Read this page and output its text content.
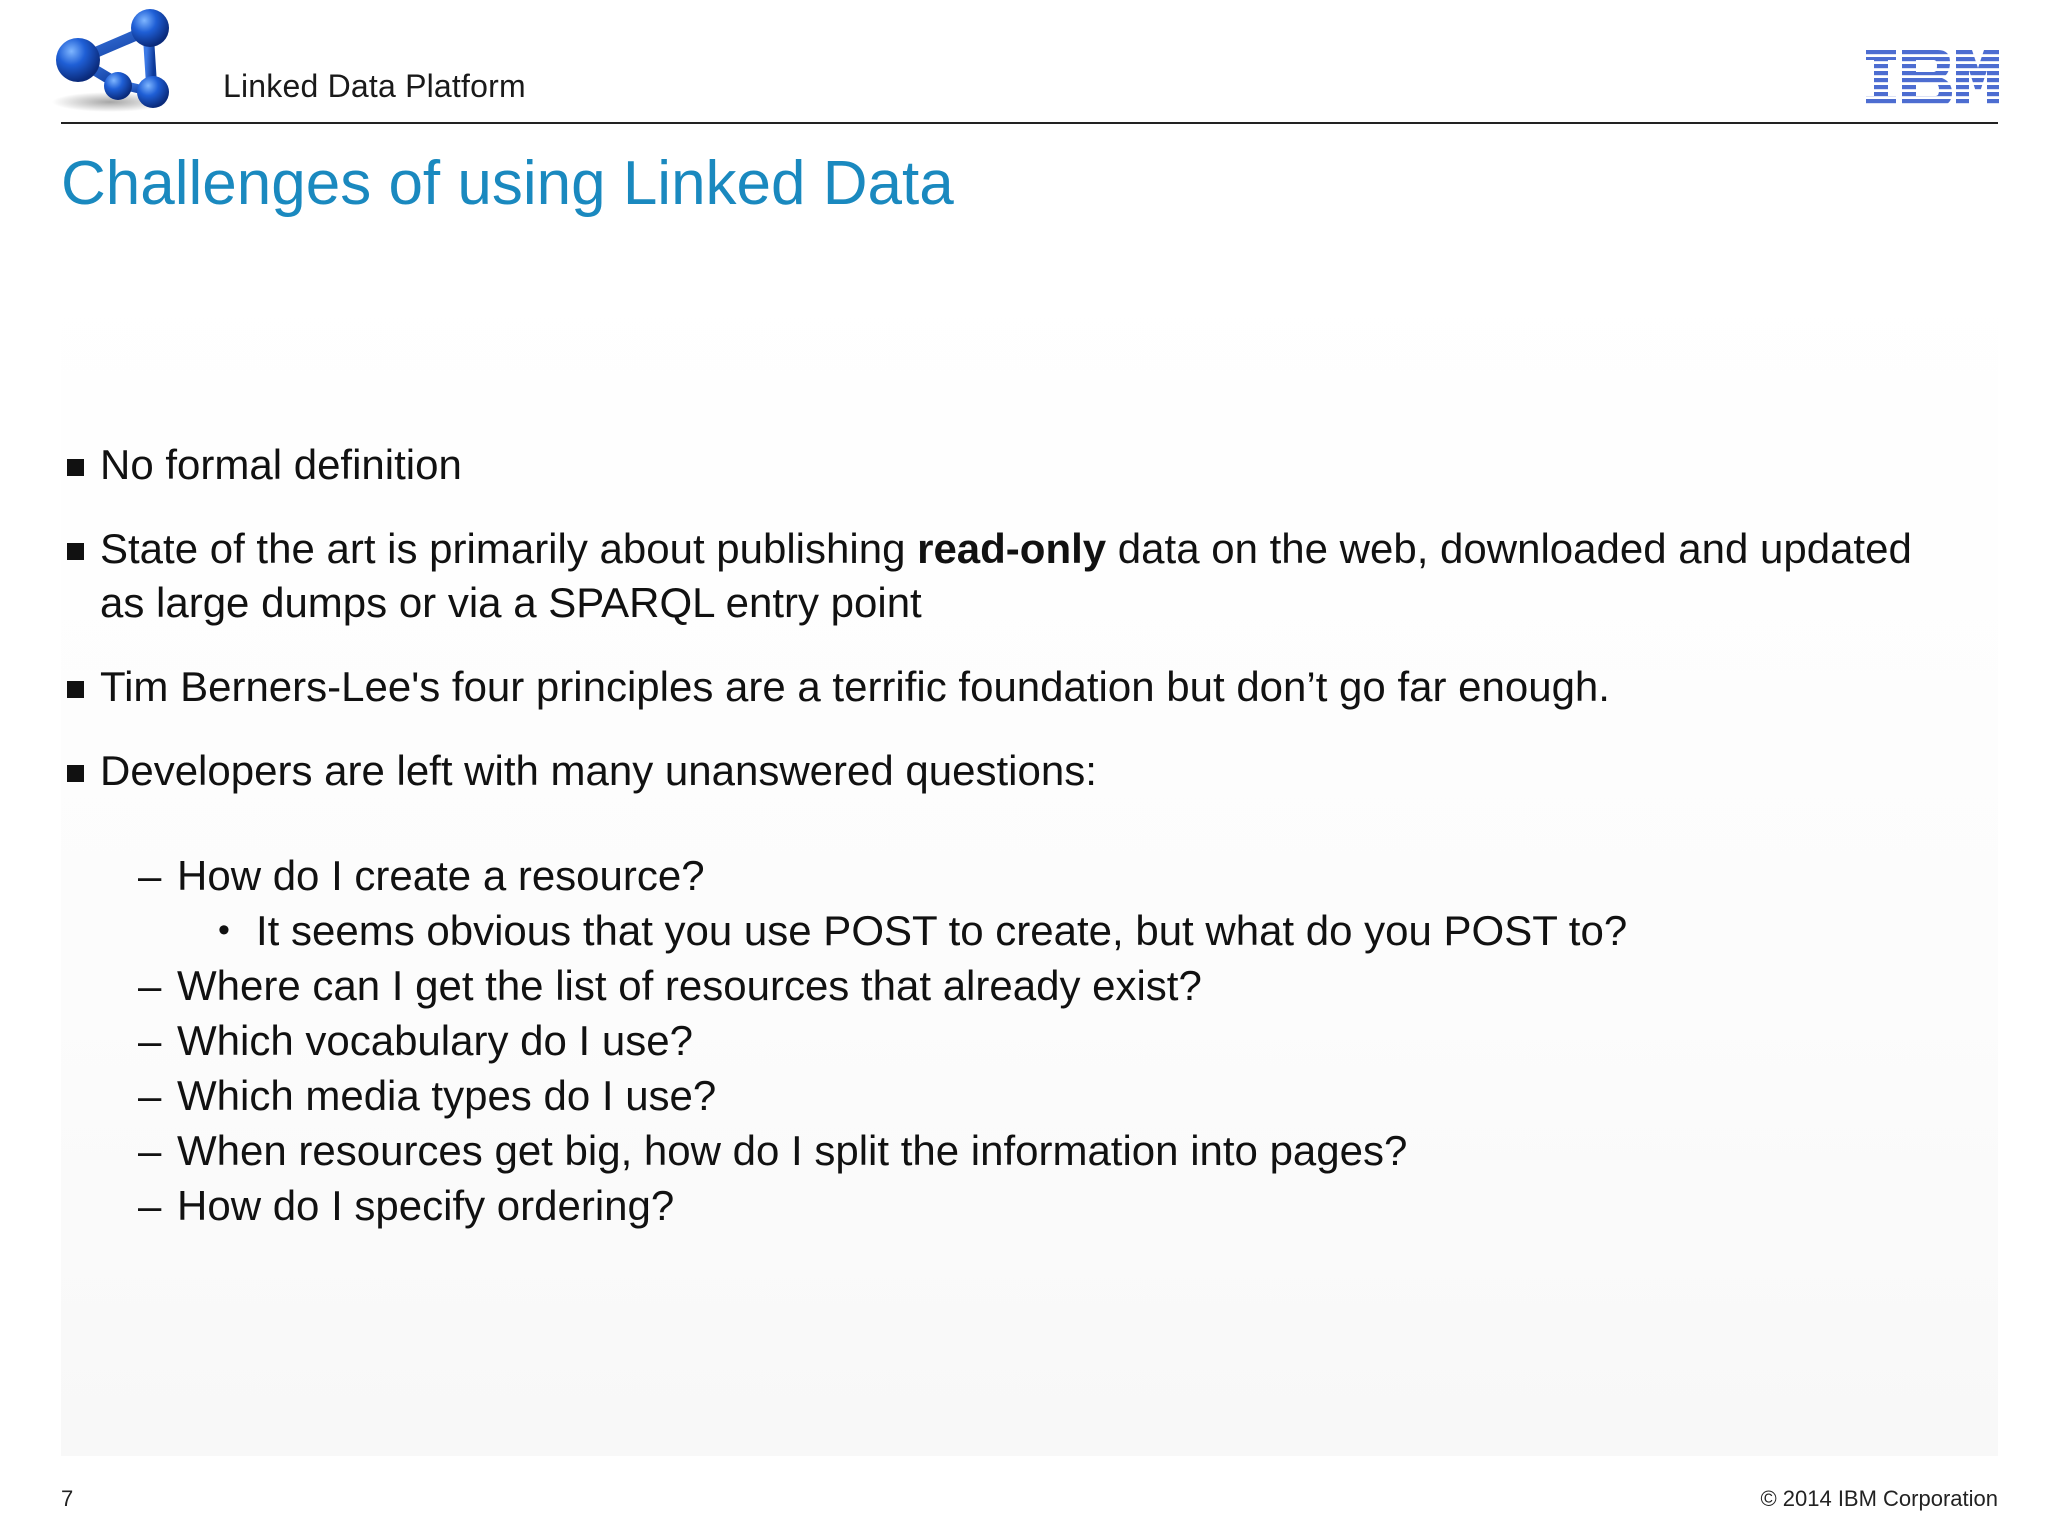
Linked Data Platform
Challenges of using Linked Data
No formal definition
State of the art is primarily about publishing read-only data on the web, downloaded and updated as large dumps or via a SPARQL entry point
Tim Berners-Lee's four principles are a terrific foundation but don’t go far enough.
Developers are left with many unanswered questions:
– How do I create a resource?
• It seems obvious that you use POST to create, but what do you POST to?
– Where can I get the list of resources that already exist?
– Which vocabulary do I use?
– Which media types do I use?
– When resources get big, how do I split the information into pages?
– How do I specify ordering?
7	© 2014 IBM Corporation
